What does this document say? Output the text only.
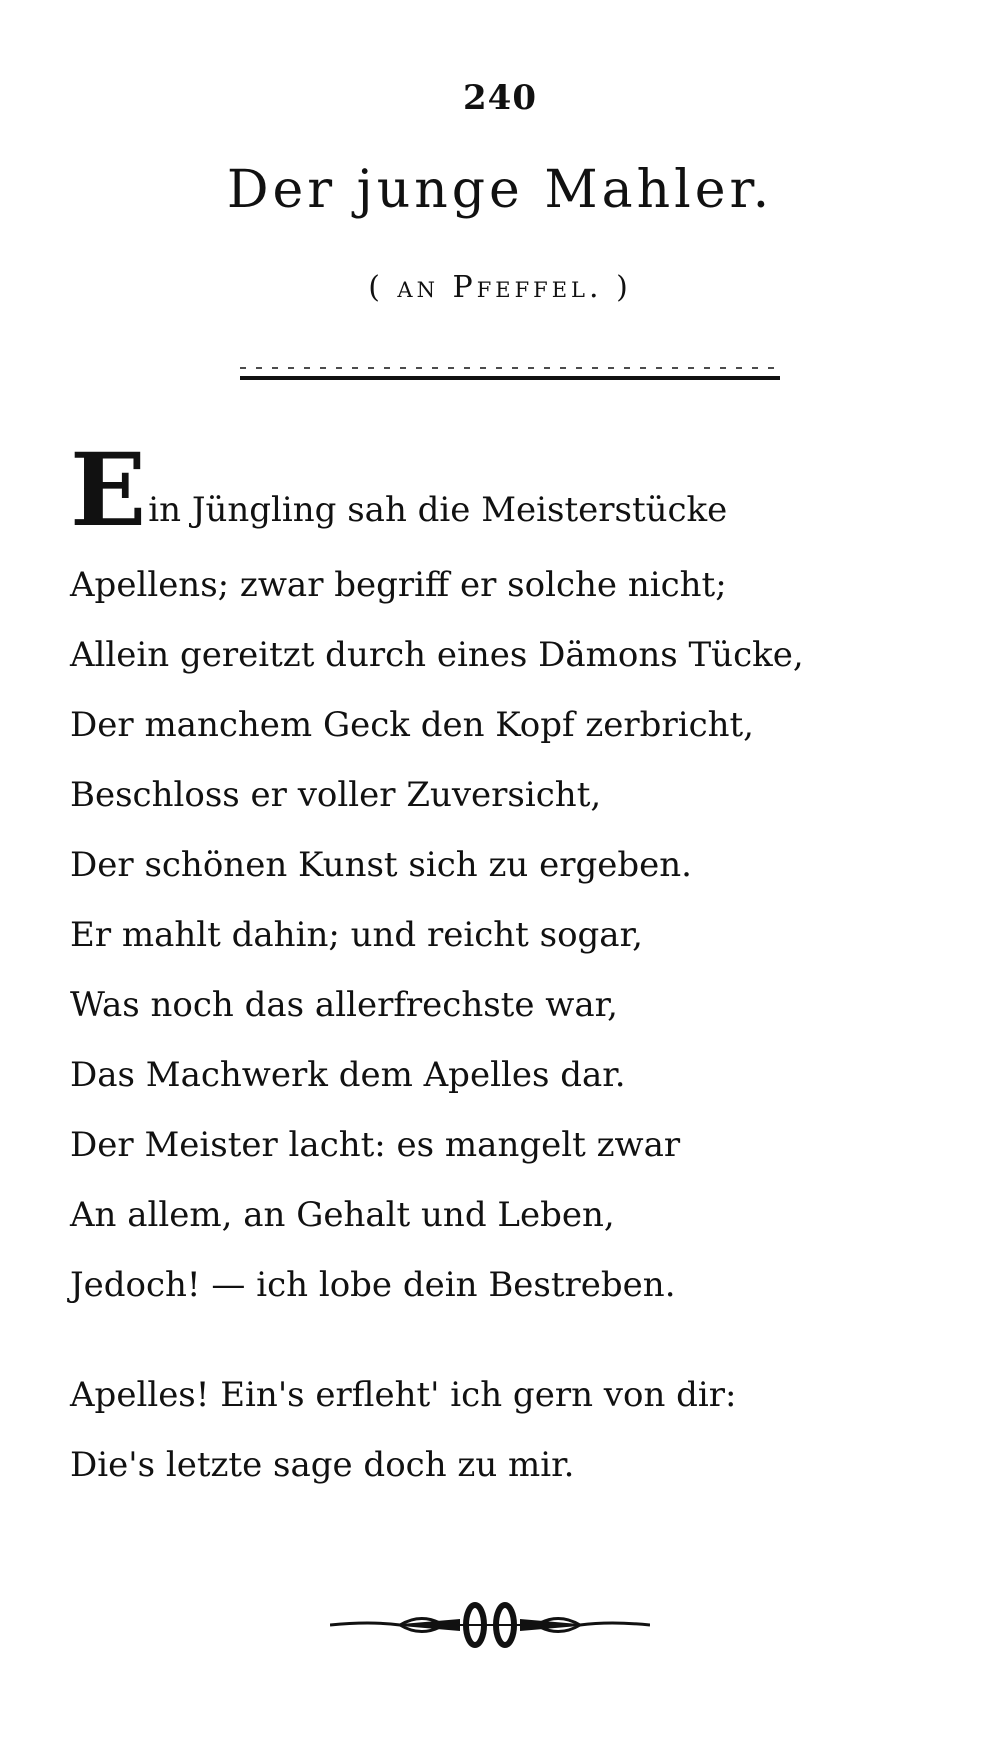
240
Der junge Mahler.
( an Pfeffel. )
Ein Jüngling sah die Meisterstücke
Apellens; zwar begriff er solche nicht;
Allein gereitzt durch eines Dämons Tücke,
Der manchem Geck den Kopf zerbricht,
Beschloss er voller Zuversicht,
Der schönen Kunst sich zu ergeben.
Er mahlt dahin; und reicht sogar,
Was noch das allerfrechste war,
Das Machwerk dem Apelles dar.
Der Meister lacht: es mangelt zwar
An allem, an Gehalt und Leben,
Jedoch! — ich lobe dein Bestreben.
Apelles! Ein's erfleht' ich gern von dir:
Die's letzte sage doch zu mir.
